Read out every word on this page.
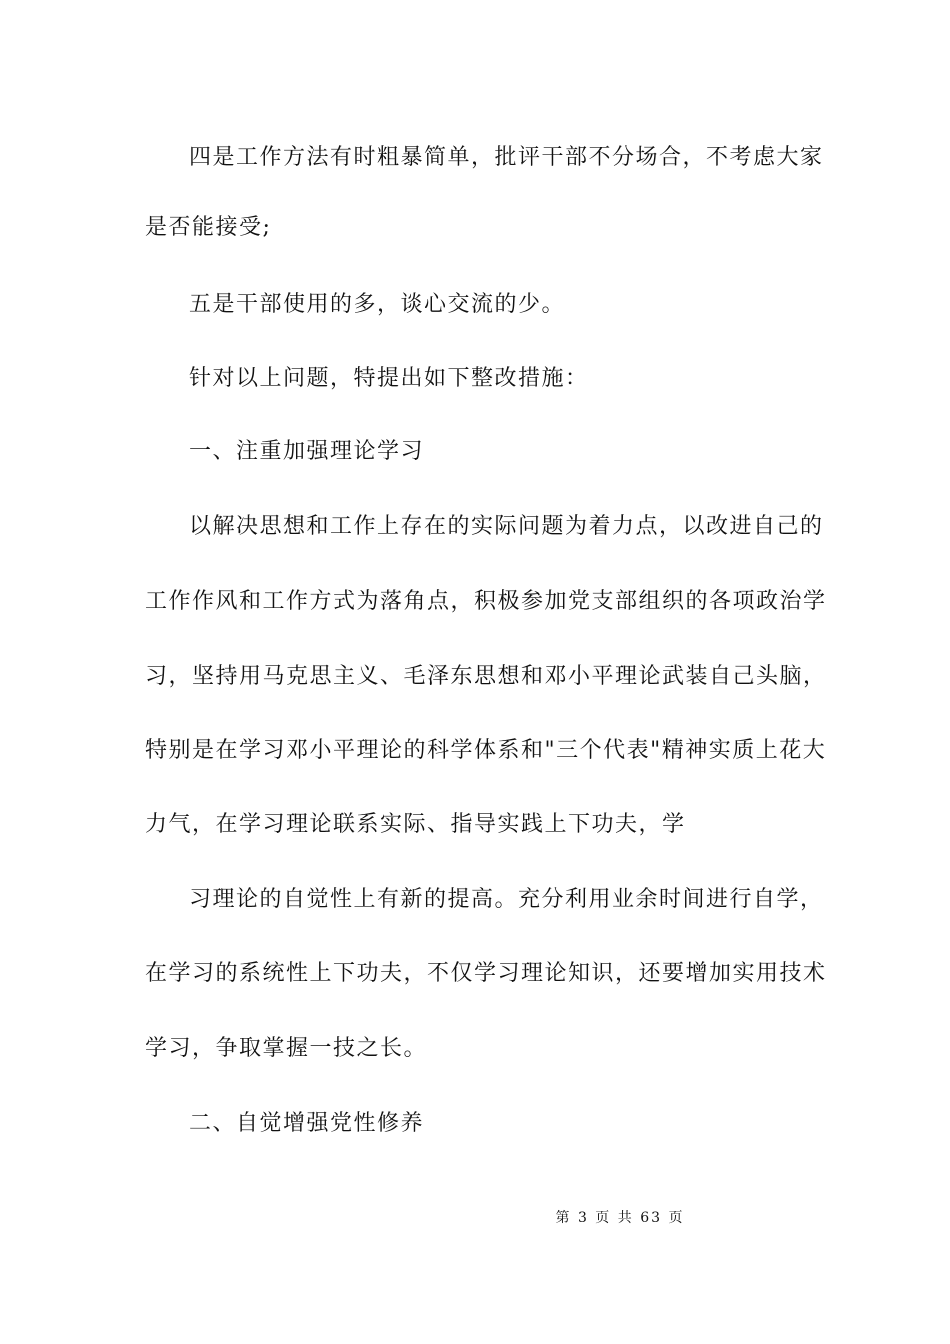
四是工作方法有时粗暴简单，批评干部不分场合，不考虑大家
是否能接受;
五是干部使用的多，谈心交流的少。
针对以上问题，特提出如下整改措施：
一、注重加强理论学习
以解决思想和工作上存在的实际问题为着力点，以改进自己的
工作作风和工作方式为落角点，积极参加党支部组织的各项政治学
习，坚持用马克思主义、毛泽东思想和邓小平理论武装自己头脑，
特别是在学习邓小平理论的科学体系和"三个代表"精神实质上花大
力气，在学习理论联系实际、指导实践上下功夫，学
习理论的自觉性上有新的提高。充分利用业余时间进行自学，
在学习的系统性上下功夫，不仅学习理论知识，还要增加实用技术
学习，争取掌握一技之长。
二、自觉增强党性修养
第 3 页 共 63 页
